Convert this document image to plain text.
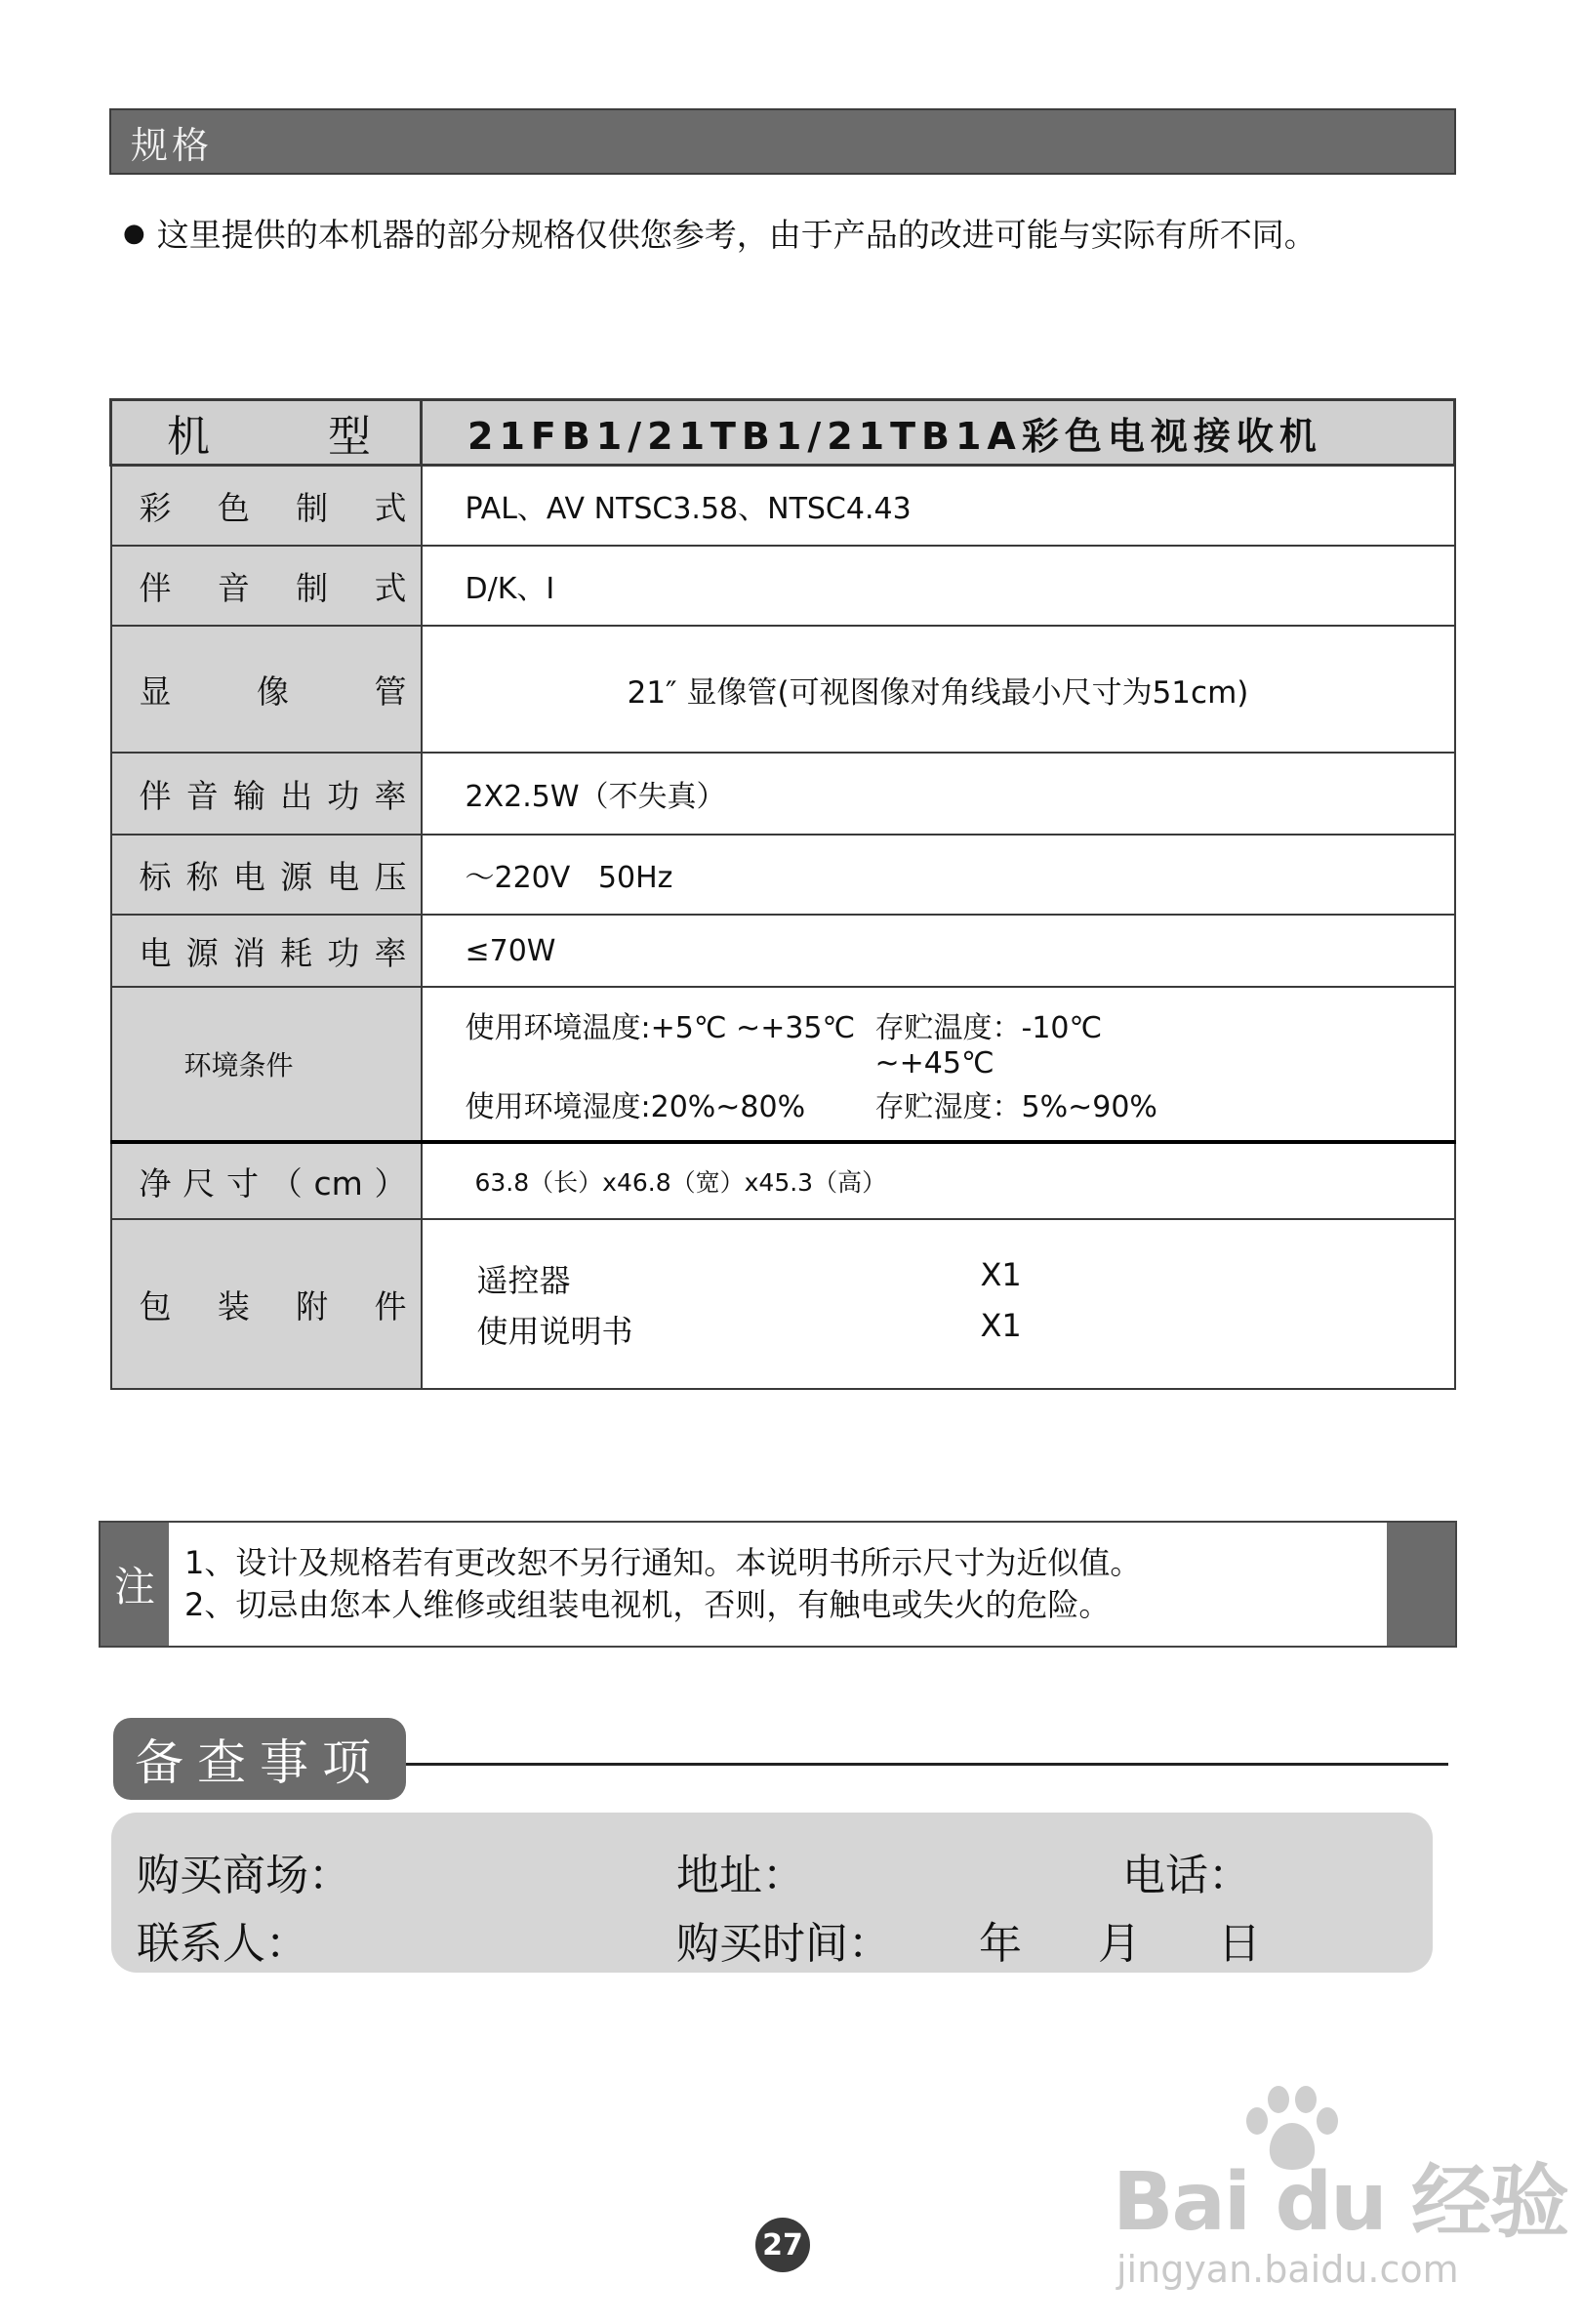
规格
● 这里提供的本机器的部分规格仅供您参考，由于产品的改进可能与实际有所不同。
机型	21FB1/21TB1/21TB1A彩色电视接收机
彩色制式	PAL、AV NTSC3.58、NTSC4.43
伴音制式	D/K、I
显像管	21″ 显像管(可视图像对角线最小尺寸为51cm)
伴音输出功率	2X2.5W（不失真）
标称电源电压	～220V   50Hz
电源消耗功率	≤70W
环境条件	使用环境温度:+5℃ ~+35℃ 存贮温度：-10℃ ~+45℃
使用环境湿度:20%~80% 存贮湿度：5%~90%

净尺寸（cm）	63.8（长）x46.8（宽）x45.3（高）
包装附件	遥控器 X1
使用说明书 X1
注 1、设计及规格若有更改恕不另行通知。本说明书所示尺寸为近似值。
2、切忌由您本人维修或组装电视机，否则，有触电或失火的危险。
备查事项
购买商场：	地址：	电话：
联系人：	购买时间： 年 月 日
Bai du 经验
jingyan.baidu.com
27
